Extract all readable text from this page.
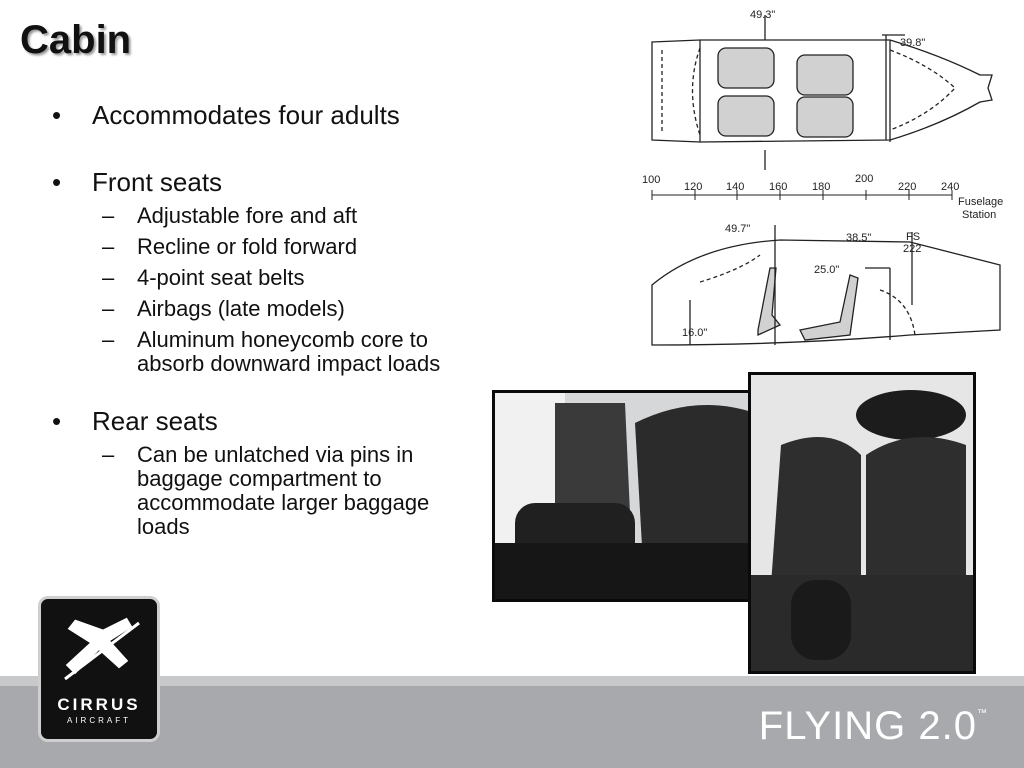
Cabin
• Accommodates four adults
• Front seats
– Adjustable fore and aft
– Recline or fold forward
– 4-point seat belts
– Airbags (late models)
– Aluminum honeycomb core to absorb downward impact loads
• Rear seats
– Can be unlatched via pins in baggage compartment to accommodate larger baggage loads
49.3"
39.8"
100
120 140 160 180
200
220 240
Fuselage
Station
49.7"
38.5"	FS
222
25.0"
16.0"
FLYING 2.0™
CIRRUS
AIRCRAFT
